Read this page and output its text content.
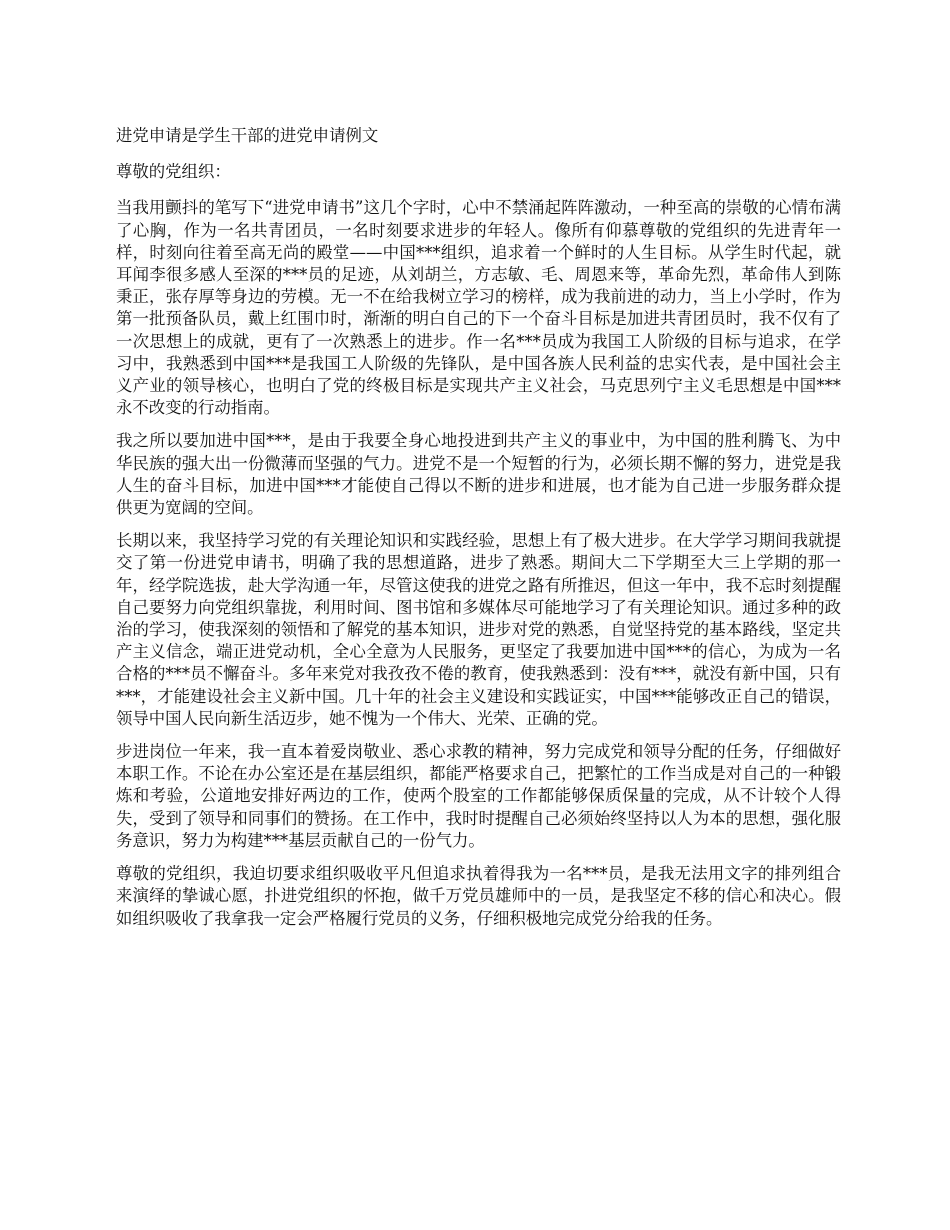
进党申请是学生干部的进党申请例文

尊敬的党组织：

当我用颤抖的笔写下“进党申请书”这几个字时，心中不禁涌起阵阵激动，一种至高的崇敬的心情布满了心胸，作为一名共青团员，一名时刻要求进步的年轻人。像所有仰慕尊敬的党组织的先进青年一样，时刻向往着至高无尚的殿堂——中国***组织，追求着一个鲜时的人生目标。从学生时代起，就耳闻李很多感人至深的***员的足迹，从刘胡兰，方志敏、毛、周恩来等，革命先烈，革命伟人到陈秉正，张存厚等身边的劳模。无一不在给我树立学习的榜样，成为我前进的动力，当上小学时，作为第一批预备队员，戴上红围巾时，渐渐的明白自己的下一个奋斗目标是加进共青团员时，我不仅有了一次思想上的成就，更有了一次熟悉上的进步。作一名***员成为我国工人阶级的目标与追求，在学习中，我熟悉到中国***是我国工人阶级的先锋队，是中国各族人民利益的忠实代表，是中国社会主义产业的领导核心，也明白了党的终极目标是实现共产主义社会，马克思列宁主义毛思想是中国***永不改变的行动指南。

我之所以要加进中国***，是由于我要全身心地投进到共产主义的事业中，为中国的胜利腾飞、为中华民族的强大出一份微薄而坚强的气力。进党不是一个短暂的行为，必须长期不懈的努力，进党是我人生的奋斗目标，加进中国***才能使自己得以不断的进步和进展，也才能为自己进一步服务群众提供更为宽阔的空间。

长期以来，我坚持学习党的有关理论知识和实践经验，思想上有了极大进步。在大学学习期间我就提交了第一份进党申请书，明确了我的思想道路，进步了熟悉。期间大二下学期至大三上学期的那一年，经学院选拔，赴大学沟通一年，尽管这使我的进党之路有所推迟，但这一年中，我不忘时刻提醒自己要努力向党组织靠拢，利用时间、图书馆和多媒体尽可能地学习了有关理论知识。通过多种的政治的学习，使我深刻的领悟和了解党的基本知识，进步对党的熟悉，自觉坚持党的基本路线，坚定共产主义信念，端正进党动机，全心全意为人民服务，更坚定了我要加进中国***的信心，为成为一名合格的***员不懈奋斗。多年来党对我孜孜不倦的教育，使我熟悉到：没有***，就没有新中国，只有***，才能建设社会主义新中国。几十年的社会主义建设和实践证实，中国***能够改正自己的错误，领导中国人民向新生活迈步，她不愧为一个伟大、光荣、正确的党。

步进岗位一年来，我一直本着爱岗敬业、悉心求教的精神，努力完成党和领导分配的任务，仔细做好本职工作。不论在办公室还是在基层组织，都能严格要求自己，把繁忙的工作当成是对自己的一种锻炼和考验，公道地安排好两边的工作，使两个股室的工作都能够保质保量的完成，从不计较个人得失，受到了领导和同事们的赞扬。在工作中，我时时提醒自己必须始终坚持以人为本的思想，强化服务意识，努力为构建***基层贡献自己的一份气力。

尊敬的党组织，我迫切要求组织吸收平凡但追求执着得我为一名***员，是我无法用文字的排列组合来演绎的挚诚心愿，扑进党组织的怀抱，做千万党员雄师中的一员，是我坚定不移的信心和决心。假如组织吸收了我拿我一定会严格履行党员的义务，仔细积极地完成党分给我的任务。
